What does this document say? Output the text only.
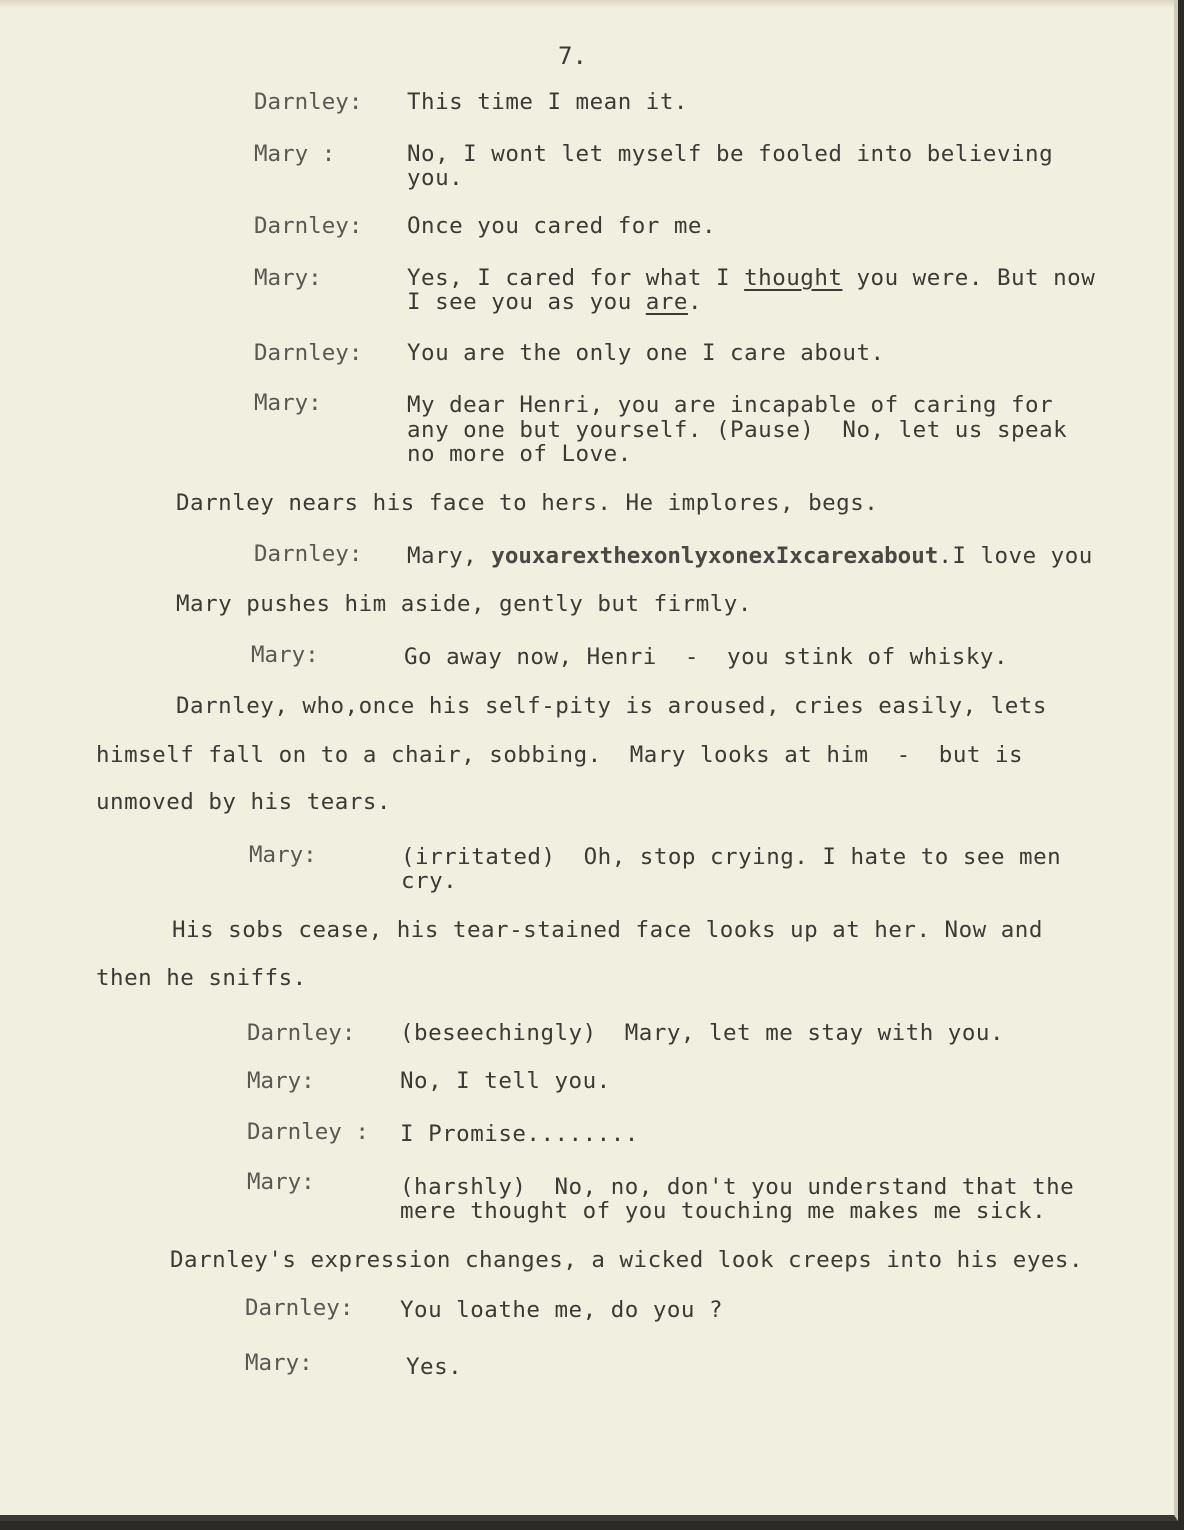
7.
Darnley: This time I mean it.
Mary :	No, I wont let myself be fooled into believing
you.
Darnley: Once you cared for me.
Mary:	Yes, I cared for what I thought you were. But now
I see you as you are.
Darnley: You are the only one I care about.
Mary:	My dear Henri, you are incapable of caring for
any one but yourself. (Pause)  No, let us speak
no more of Love.
Darnley nears his face to hers. He implores, begs.
Darnley: Mary, youxarexthexonlyxonexIxcarexabout.I love you
Mary pushes him aside, gently but firmly.
Mary:	Go away now, Henri  -  you stink of whisky.
Darnley, who,once his self-pity is aroused, cries easily, lets
himself fall on to a chair, sobbing.  Mary looks at him  -  but is
unmoved by his tears.
Mary:	(irritated)  Oh, stop crying. I hate to see men
cry.
His sobs cease, his tear-stained face looks up at her. Now and
then he sniffs.
Darnley: (beseechingly)  Mary, let me stay with you.
Mary:	No, I tell you.
Darnley : I Promise........
Mary:	(harshly)  No, no, don't you understand that the
mere thought of you touching me makes me sick.
Darnley's expression changes, a wicked look creeps into his eyes.
Darnley: You loathe me, do you ?
Mary:	Yes.
